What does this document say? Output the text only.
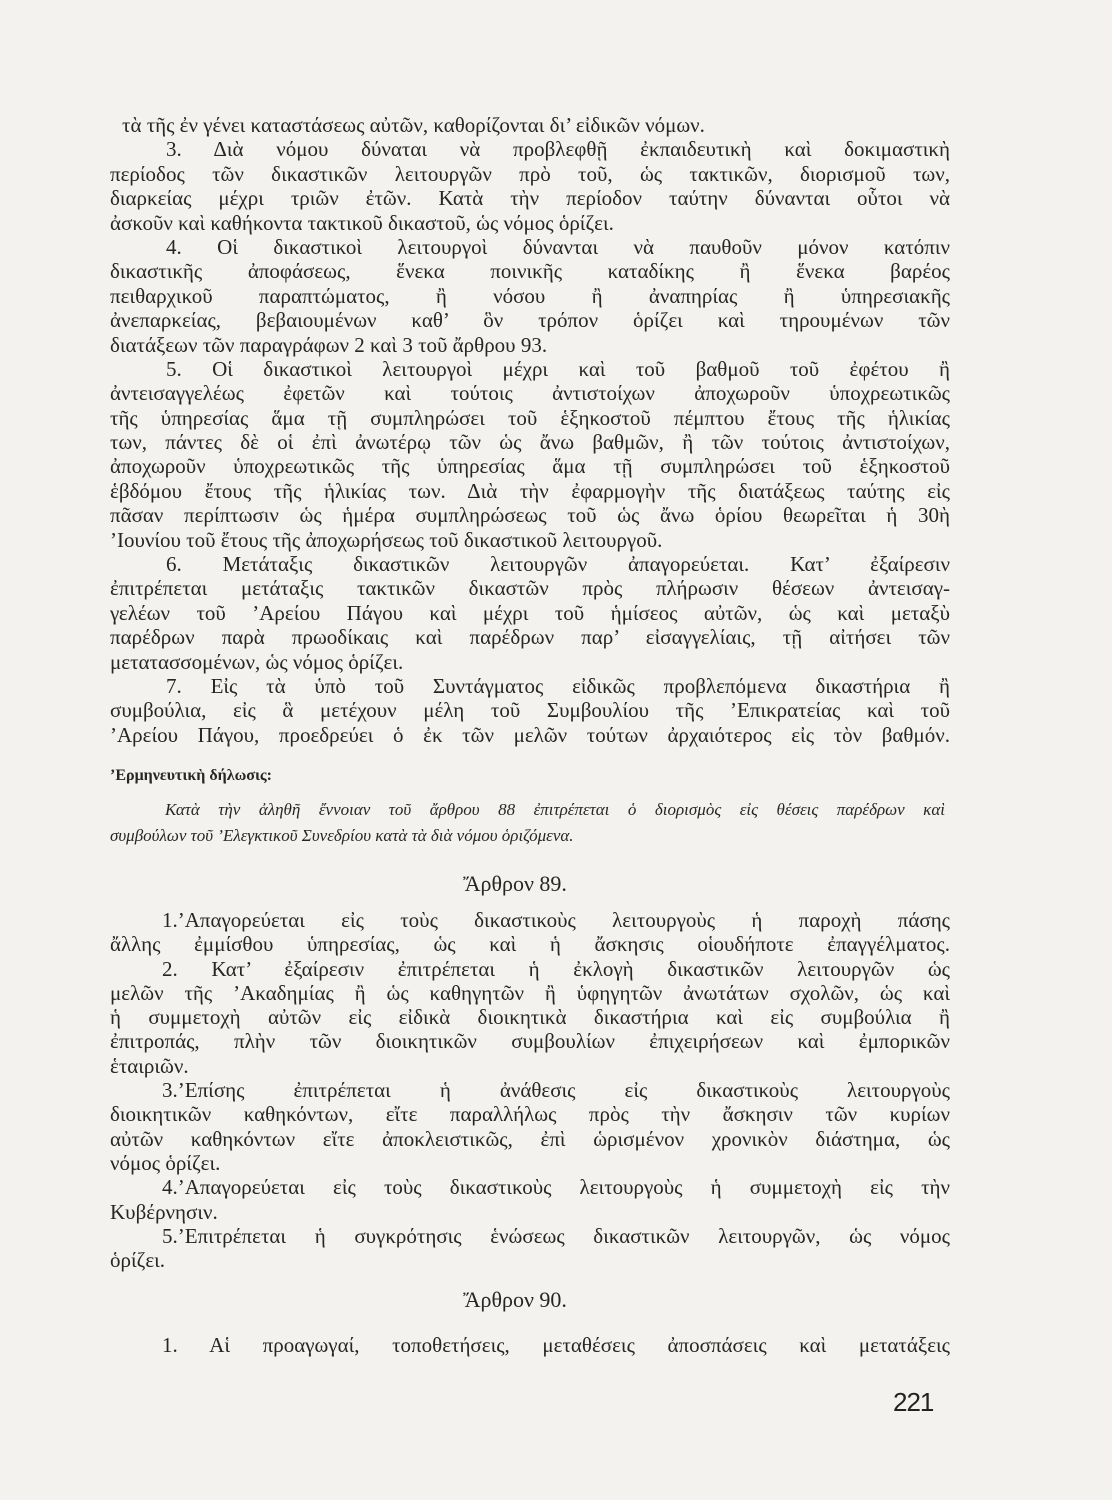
τὰ τῆς ἐν γένει καταστάσεως αὐτῶν, καθορίζονται δι’ εἰδικῶν νόμων.
3. Διὰ νόμου δύναται νὰ προβλεφθῇ ἐκπαιδευτικὴ καὶ δοκιμαστικὴ
περίοδος τῶν δικαστικῶν λειτουργῶν πρὸ τοῦ, ὡς τακτικῶν, διορισμοῦ των,
διαρκείας μέχρι τριῶν ἐτῶν. Κατὰ τὴν περίοδον ταύτην δύνανται οὗτοι νὰ
ἀσκοῦν καὶ καθήκοντα τακτικοῦ δικαστοῦ, ὡς νόμος ὁρίζει.
4. Οἱ δικαστικοὶ λειτουργοὶ δύνανται νὰ παυθοῦν μόνον κατόπιν
δικαστικῆς ἀποφάσεως, ἕνεκα ποινικῆς καταδίκης ἢ ἕνεκα βαρέος
πειθαρχικοῦ παραπτώματος, ἢ νόσου ἢ ἀναπηρίας ἢ ὑπηρεσιακῆς
ἀνεπαρκείας, βεβαιουμένων καθ’ ὃν τρόπον ὁρίζει καὶ τηρουμένων τῶν
διατάξεων τῶν παραγράφων 2 καὶ 3 τοῦ ἄρθρου 93.
5. Οἱ δικαστικοὶ λειτουργοὶ μέχρι καὶ τοῦ βαθμοῦ τοῦ ἐφέτου ἢ
ἀντεισαγγελέως ἐφετῶν καὶ τούτοις ἀντιστοίχων ἀποχωροῦν ὑποχρεωτικῶς
τῆς ὑπηρεσίας ἅμα τῇ συμπληρώσει τοῦ ἑξηκοστοῦ πέμπτου ἔτους τῆς ἡλικίας
των, πάντες δὲ οἱ ἐπὶ ἀνωτέρῳ τῶν ὡς ἄνω βαθμῶν, ἢ τῶν τούτοις ἀντιστοίχων,
ἀποχωροῦν ὑποχρεωτικῶς τῆς ὑπηρεσίας ἅμα τῇ συμπληρώσει τοῦ ἑξηκοστοῦ
ἑβδόμου ἔτους τῆς ἡλικίας των. Διὰ τὴν ἐφαρμογὴν τῆς διατάξεως ταύτης εἰς
πᾶσαν περίπτωσιν ὡς ἡμέρα συμπληρώσεως τοῦ ὡς ἄνω ὁρίου θεωρεῖται ἡ 30ὴ
’Ιουνίου τοῦ ἔτους τῆς ἀποχωρήσεως τοῦ δικαστικοῦ λειτουργοῦ.
6. Μετάταξις δικαστικῶν λειτουργῶν ἀπαγορεύεται. Κατ’ ἐξαίρεσιν
ἐπιτρέπεται μετάταξις τακτικῶν δικαστῶν πρὸς πλήρωσιν θέσεων ἀντεισαγ-
γελέων τοῦ ’Αρείου Πάγου καὶ μέχρι τοῦ ἡμίσεος αὐτῶν, ὡς καὶ μεταξὺ
παρέδρων παρὰ πρωοδίκαις καὶ παρέδρων παρ’ εἰσαγγελίαις, τῇ αἰτήσει τῶν
μετατασσομένων, ὡς νόμος ὁρίζει.
7. Εἰς τὰ ὑπὸ τοῦ Συντάγματος εἰδικῶς προβλεπόμενα δικαστήρια ἢ
συμβούλια, εἰς ἃ μετέχουν μέλη τοῦ Συμβουλίου τῆς ’Επικρατείας καὶ τοῦ
’Αρείου Πάγου, προεδρεύει ὁ ἐκ τῶν μελῶν τούτων ἀρχαιότερος εἰς τὸν βαθμόν.
’Ερμηνευτικὴ δήλωσις:
Κατὰ τὴν ἀληθῆ ἔννοιαν τοῦ ἄρθρου 88 ἐπιτρέπεται ὁ διορισμὸς εἰς θέσεις παρέδρων καὶ
συμβούλων τοῦ ’Ελεγκτικοῦ Συνεδρίου κατὰ τὰ διὰ νόμου ὁριζόμενα.
Ἄρθρον 89.
1.’Απαγορεύεται εἰς τοὺς δικαστικοὺς λειτουργοὺς ἡ παροχὴ πάσης
ἄλλης ἐμμίσθου ὑπηρεσίας, ὡς καὶ ἡ ἄσκησις οἱουδήποτε ἐπαγγέλματος.
2. Κατ’ ἐξαίρεσιν ἐπιτρέπεται ἡ ἐκλογὴ δικαστικῶν λειτουργῶν ὡς
μελῶν τῆς ’Ακαδημίας ἢ ὡς καθηγητῶν ἢ ὑφηγητῶν ἀνωτάτων σχολῶν, ὡς καὶ
ἡ συμμετοχὴ αὐτῶν εἰς εἰδικὰ διοικητικὰ δικαστήρια καὶ εἰς συμβούλια ἢ
ἐπιτροπάς, πλὴν τῶν διοικητικῶν συμβουλίων ἐπιχειρήσεων καὶ ἐμπορικῶν
ἑταιριῶν.
3.’Επίσης ἐπιτρέπεται ἡ ἀνάθεσις εἰς δικαστικοὺς λειτουργοὺς
διοικητικῶν καθηκόντων, εἴτε παραλλήλως πρὸς τὴν ἄσκησιν τῶν κυρίων
αὐτῶν καθηκόντων εἴτε ἀποκλειστικῶς, ἐπὶ ὡρισμένον χρονικὸν διάστημα, ὡς
νόμος ὁρίζει.
4.’Απαγορεύεται εἰς τοὺς δικαστικοὺς λειτουργοὺς ἡ συμμετοχὴ εἰς τὴν
Κυβέρνησιν.
5.’Επιτρέπεται ἡ συγκρότησις ἑνώσεως δικαστικῶν λειτουργῶν, ὡς νόμος
ὁρίζει.
Ἄρθρον 90.
1. Αἱ προαγωγαί, τοποθετήσεις, μεταθέσεις ἀποσπάσεις καὶ μετατάξεις
221
